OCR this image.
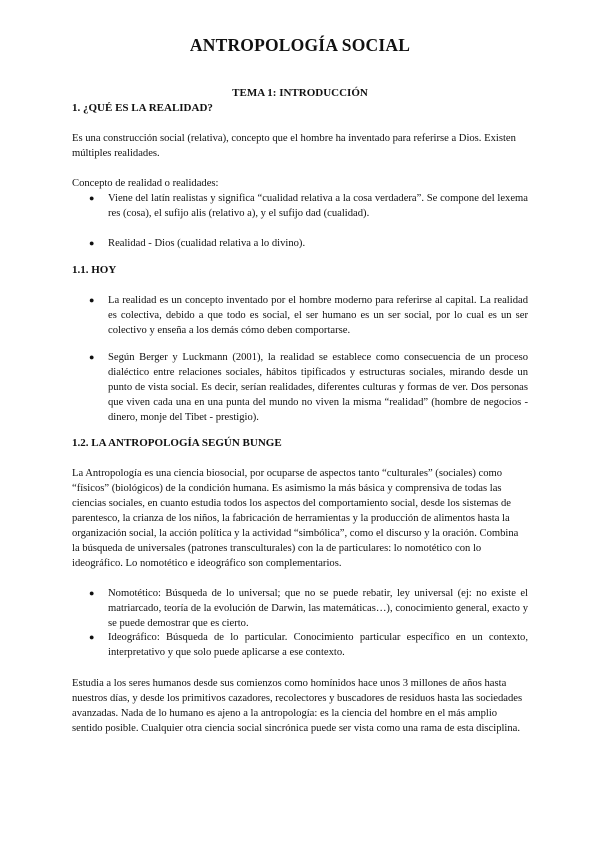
ANTROPOLOGÍA SOCIAL
TEMA 1: INTRODUCCIÓN
1. ¿QUÉ ES LA REALIDAD?

Es una construcción social (relativa), concepto que el hombre ha inventado para referirse a Dios. Existen múltiples realidades.

Concepto de realidad o realidades:

● Viene del latín realistas y significa “cualidad relativa a la cosa verdadera”. Se compone del lexema res (cosa), el sufijo alis (relativo a), y el sufijo dad (cualidad).
● Realidad - Dios (cualidad relativa a lo divino).
1.1. HOY
● La realidad es un concepto inventado por el hombre moderno para referirse al capital. La realidad es colectiva, debido a que todo es social, el ser humano es un ser social, por lo cual es un ser colectivo y enseña a los demás cómo deben comportarse.
● Según Berger y Luckmann (2001), la realidad se establece como consecuencia de un proceso dialéctico entre relaciones sociales, hábitos tipificados y estructuras sociales, mirando desde un punto de vista social. Es decir, serían realidades, diferentes culturas y formas de ver. Dos personas que viven cada una en una punta del mundo no viven la misma “realidad” (hombre de negocios - dinero, monje del Tibet - prestigio).
1.2. LA ANTROPOLOGÍA SEGÚN BUNGE

La Antropología es una ciencia biosocial, por ocuparse de aspectos tanto “culturales” (sociales) como “físicos” (biológicos) de la condición humana. Es asimismo la más básica y comprensiva de todas las ciencias sociales, en cuanto estudia todos los aspectos del comportamiento social, desde los sistemas de parentesco, la crianza de los niños, la fabricación de herramientas y la producción de alimentos hasta la organización social, la acción política y la actividad “simbólica”, como el discurso y la oración. Combina la búsqueda de universales (patrones transculturales) con la de particulares: lo nomotético con lo ideográfico. Lo nomotético e ideográfico son complementarios.

● Nomotético: Búsqueda de lo universal; que no se puede rebatir, ley universal (ej: no existe el matriarcado, teoría de la evolución de Darwin, las matemáticas…), conocimiento general, exacto y se puede demostrar que es cierto.
● Ideográfico: Búsqueda de lo particular. Conocimiento particular específico en un contexto, interpretativo y que solo puede aplicarse a ese contexto.

Estudia a los seres humanos desde sus comienzos como homínidos hace unos 3 millones de años hasta nuestros días, y desde los primitivos cazadores, recolectores y buscadores de residuos hasta las sociedades avanzadas. Nada de lo humano es ajeno a la antropología: es la ciencia del hombre en el más amplio sentido posible. Cualquier otra ciencia social sincrónica puede ser vista como una rama de esta disciplina.
